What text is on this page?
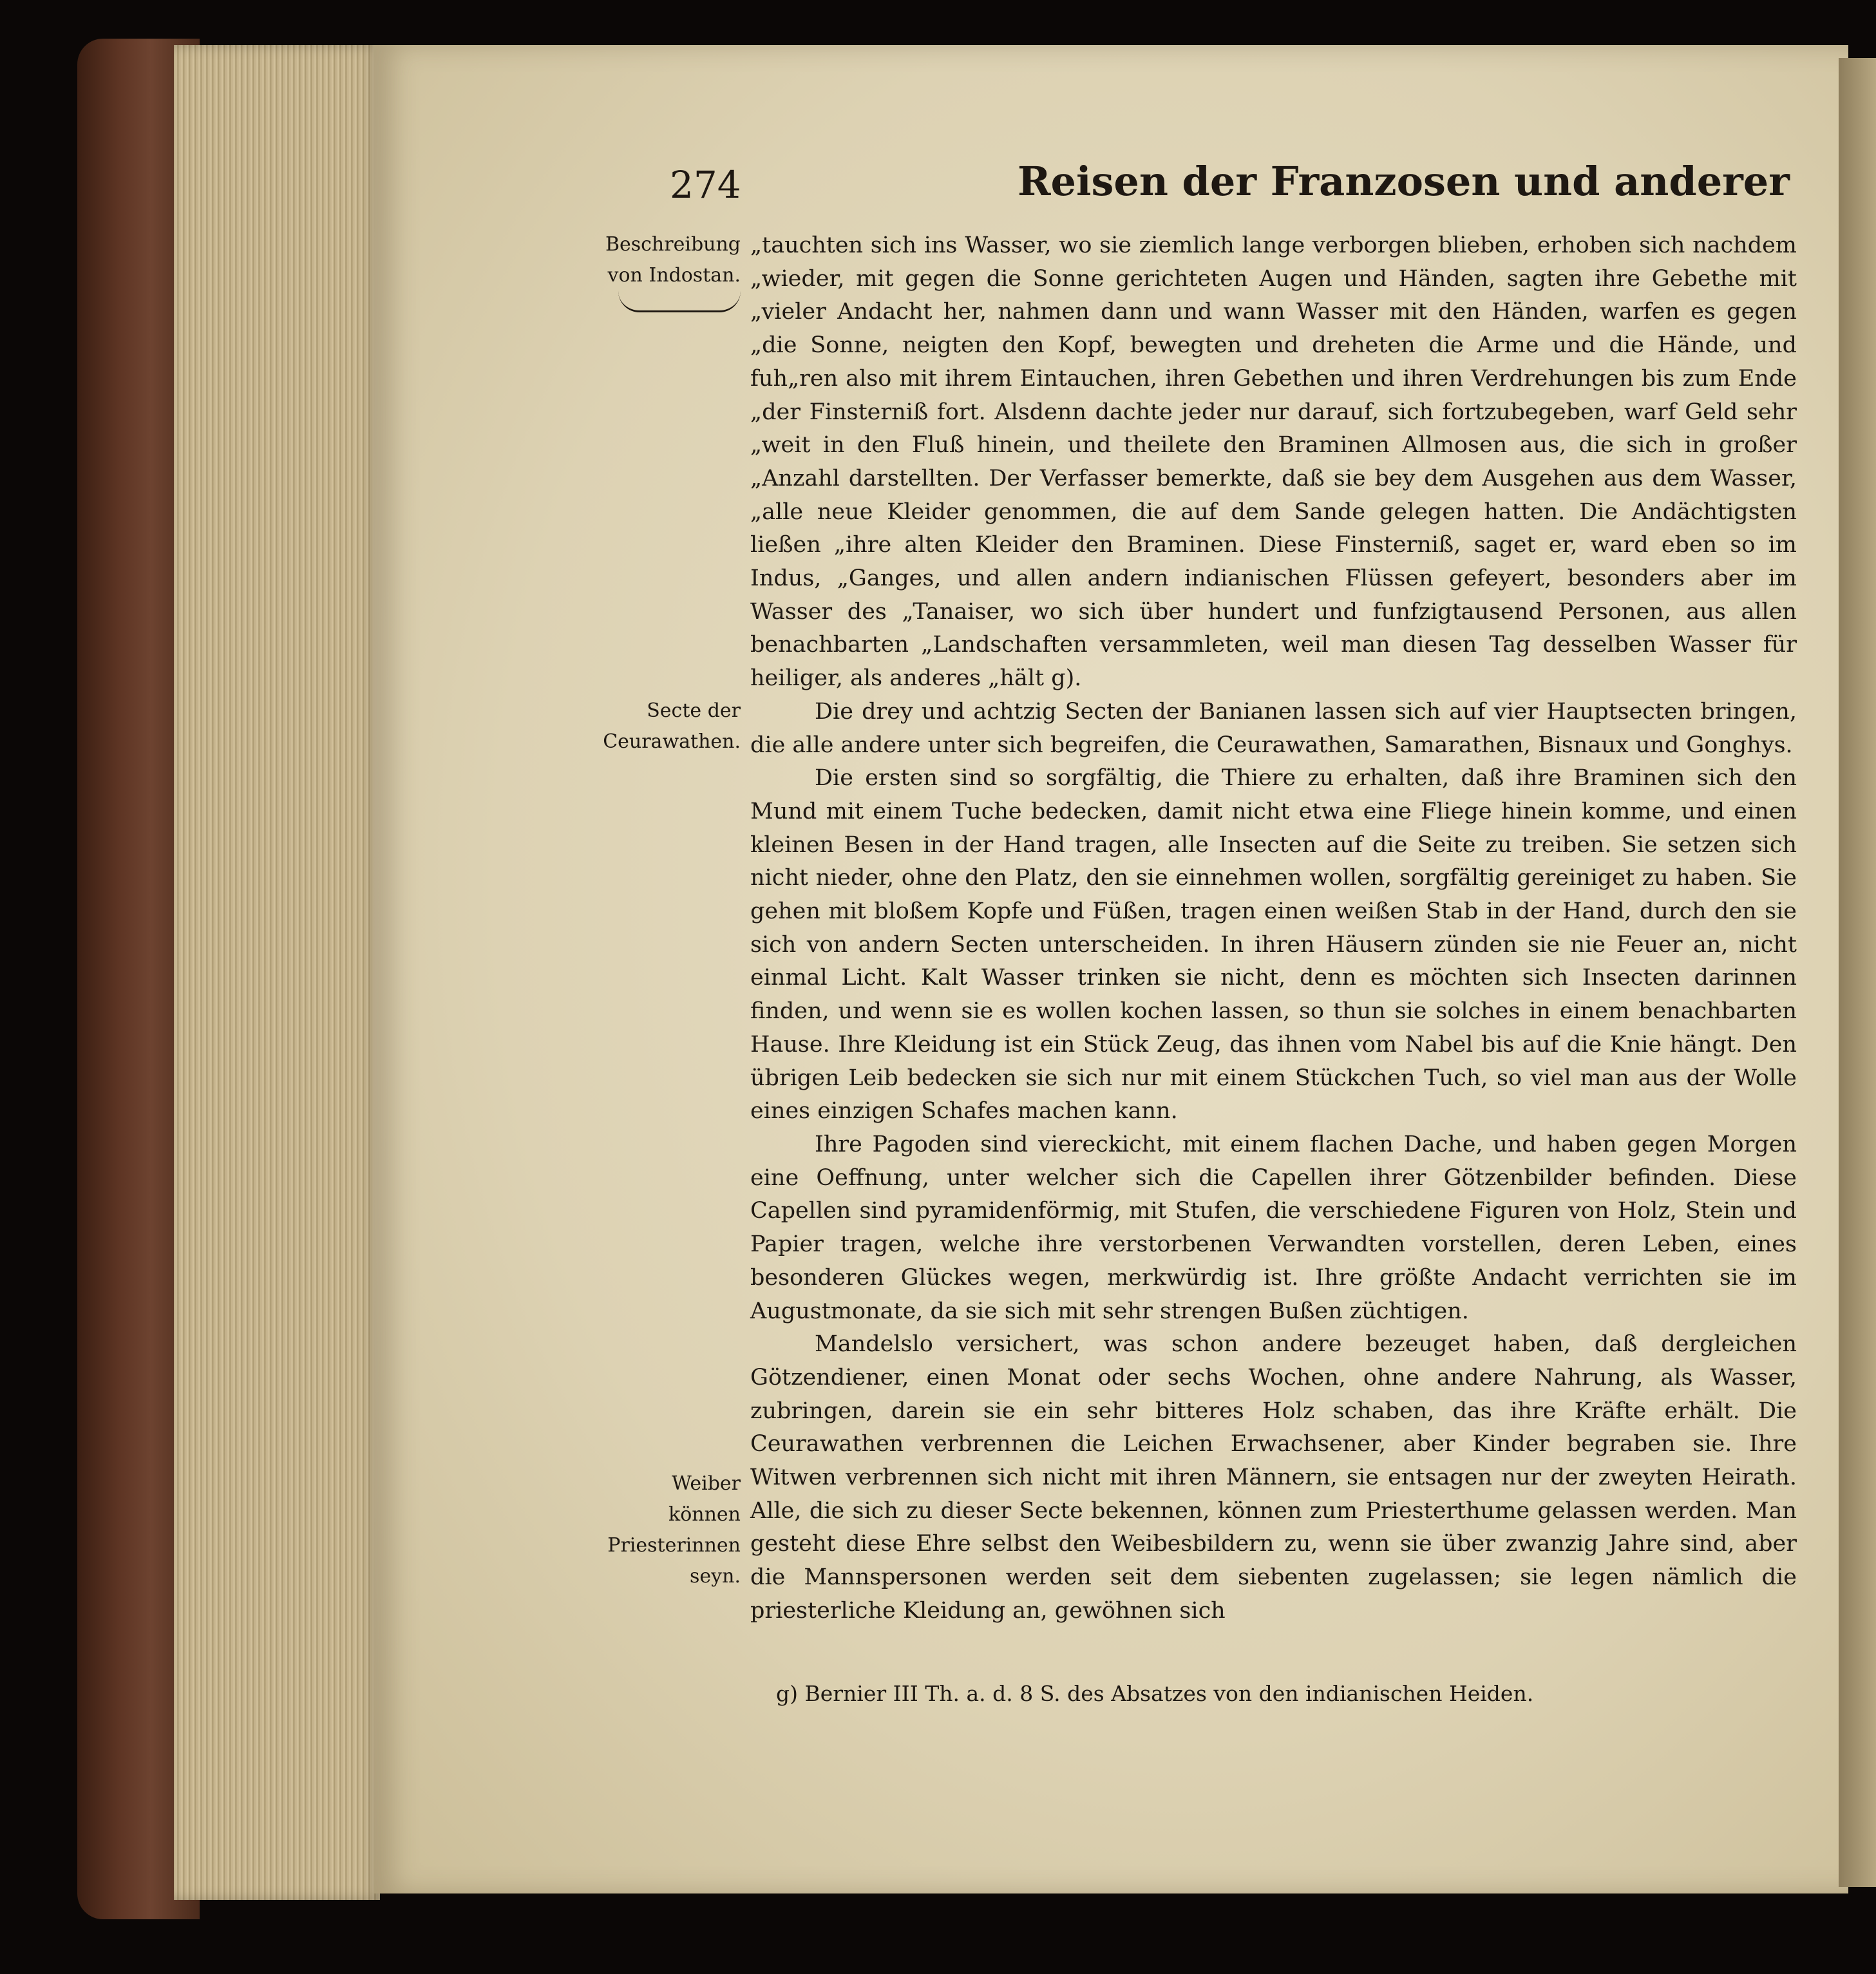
274	Reisen der Franzosen und anderer
Beschreibung von Indostan.
Secte der Ceurawathen.
Weiber können Priesterinnen seyn.

„tauchten sich ins Wasser, wo sie ziemlich lange verborgen blieben, erhoben sich nachdem „wieder, mit gegen die Sonne gerichteten Augen und Händen, sagten ihre Gebethe mit „vieler Andacht her, nahmen dann und wann Wasser mit den Händen, warfen es gegen „die Sonne, neigten den Kopf, bewegten und dreheten die Arme und die Hände, und fuh„ren also mit ihrem Eintauchen, ihren Gebethen und ihren Verdrehungen bis zum Ende „der Finsterniß fort. Alsdenn dachte jeder nur darauf, sich fortzubegeben, warf Geld sehr „weit in den Fluß hinein, und theilete den Braminen Allmosen aus, die sich in großer „Anzahl darstellten. Der Verfasser bemerkte, daß sie bey dem Ausgehen aus dem Wasser, „alle neue Kleider genommen, die auf dem Sande gelegen hatten. Die Andächtigsten ließen „ihre alten Kleider den Braminen. Diese Finsterniß, saget er, ward eben so im Indus, „Ganges, und allen andern indianischen Flüssen gefeyert, besonders aber im Wasser des „Tanaiser, wo sich über hundert und funfzigtausend Personen, aus allen benachbarten „Landschaften versammleten, weil man diesen Tag desselben Wasser für heiliger, als anderes „hält g).

Die drey und achtzig Secten der Banianen lassen sich auf vier Hauptsecten bringen, die alle andere unter sich begreifen, die Ceurawathen, Samarathen, Bisnaux und Gonghys.

Die ersten sind so sorgfältig, die Thiere zu erhalten, daß ihre Braminen sich den Mund mit einem Tuche bedecken, damit nicht etwa eine Fliege hinein komme, und einen kleinen Besen in der Hand tragen, alle Insecten auf die Seite zu treiben. Sie setzen sich nicht nieder, ohne den Platz, den sie einnehmen wollen, sorgfältig gereiniget zu haben. Sie gehen mit bloßem Kopfe und Füßen, tragen einen weißen Stab in der Hand, durch den sie sich von andern Secten unterscheiden. In ihren Häusern zünden sie nie Feuer an, nicht einmal Licht. Kalt Wasser trinken sie nicht, denn es möchten sich Insecten darinnen finden, und wenn sie es wollen kochen lassen, so thun sie solches in einem benachbarten Hause. Ihre Kleidung ist ein Stück Zeug, das ihnen vom Nabel bis auf die Knie hängt. Den übrigen Leib bedecken sie sich nur mit einem Stückchen Tuch, so viel man aus der Wolle eines einzigen Schafes machen kann.

Ihre Pagoden sind viereckicht, mit einem flachen Dache, und haben gegen Morgen eine Oeffnung, unter welcher sich die Capellen ihrer Götzenbilder befinden. Diese Capellen sind pyramidenförmig, mit Stufen, die verschiedene Figuren von Holz, Stein und Papier tragen, welche ihre verstorbenen Verwandten vorstellen, deren Leben, eines besonderen Glückes wegen, merkwürdig ist. Ihre größte Andacht verrichten sie im Augustmonate, da sie sich mit sehr strengen Bußen züchtigen.

Mandelslo versichert, was schon andere bezeuget haben, daß dergleichen Götzendiener, einen Monat oder sechs Wochen, ohne andere Nahrung, als Wasser, zubringen, darein sie ein sehr bitteres Holz schaben, das ihre Kräfte erhält. Die Ceurawathen verbrennen die Leichen Erwachsener, aber Kinder begraben sie. Ihre Witwen verbrennen sich nicht mit ihren Männern, sie entsagen nur der zweyten Heirath. Alle, die sich zu dieser Secte bekennen, können zum Priesterthume gelassen werden. Man gesteht diese Ehre selbst den Weibesbildern zu, wenn sie über zwanzig Jahre sind, aber die Mannspersonen werden seit dem siebenten zugelassen; sie legen nämlich die priesterliche Kleidung an, gewöhnen sich

g) Bernier III Th. a. d. 8 S. des Absatzes von den indianischen Heiden.
